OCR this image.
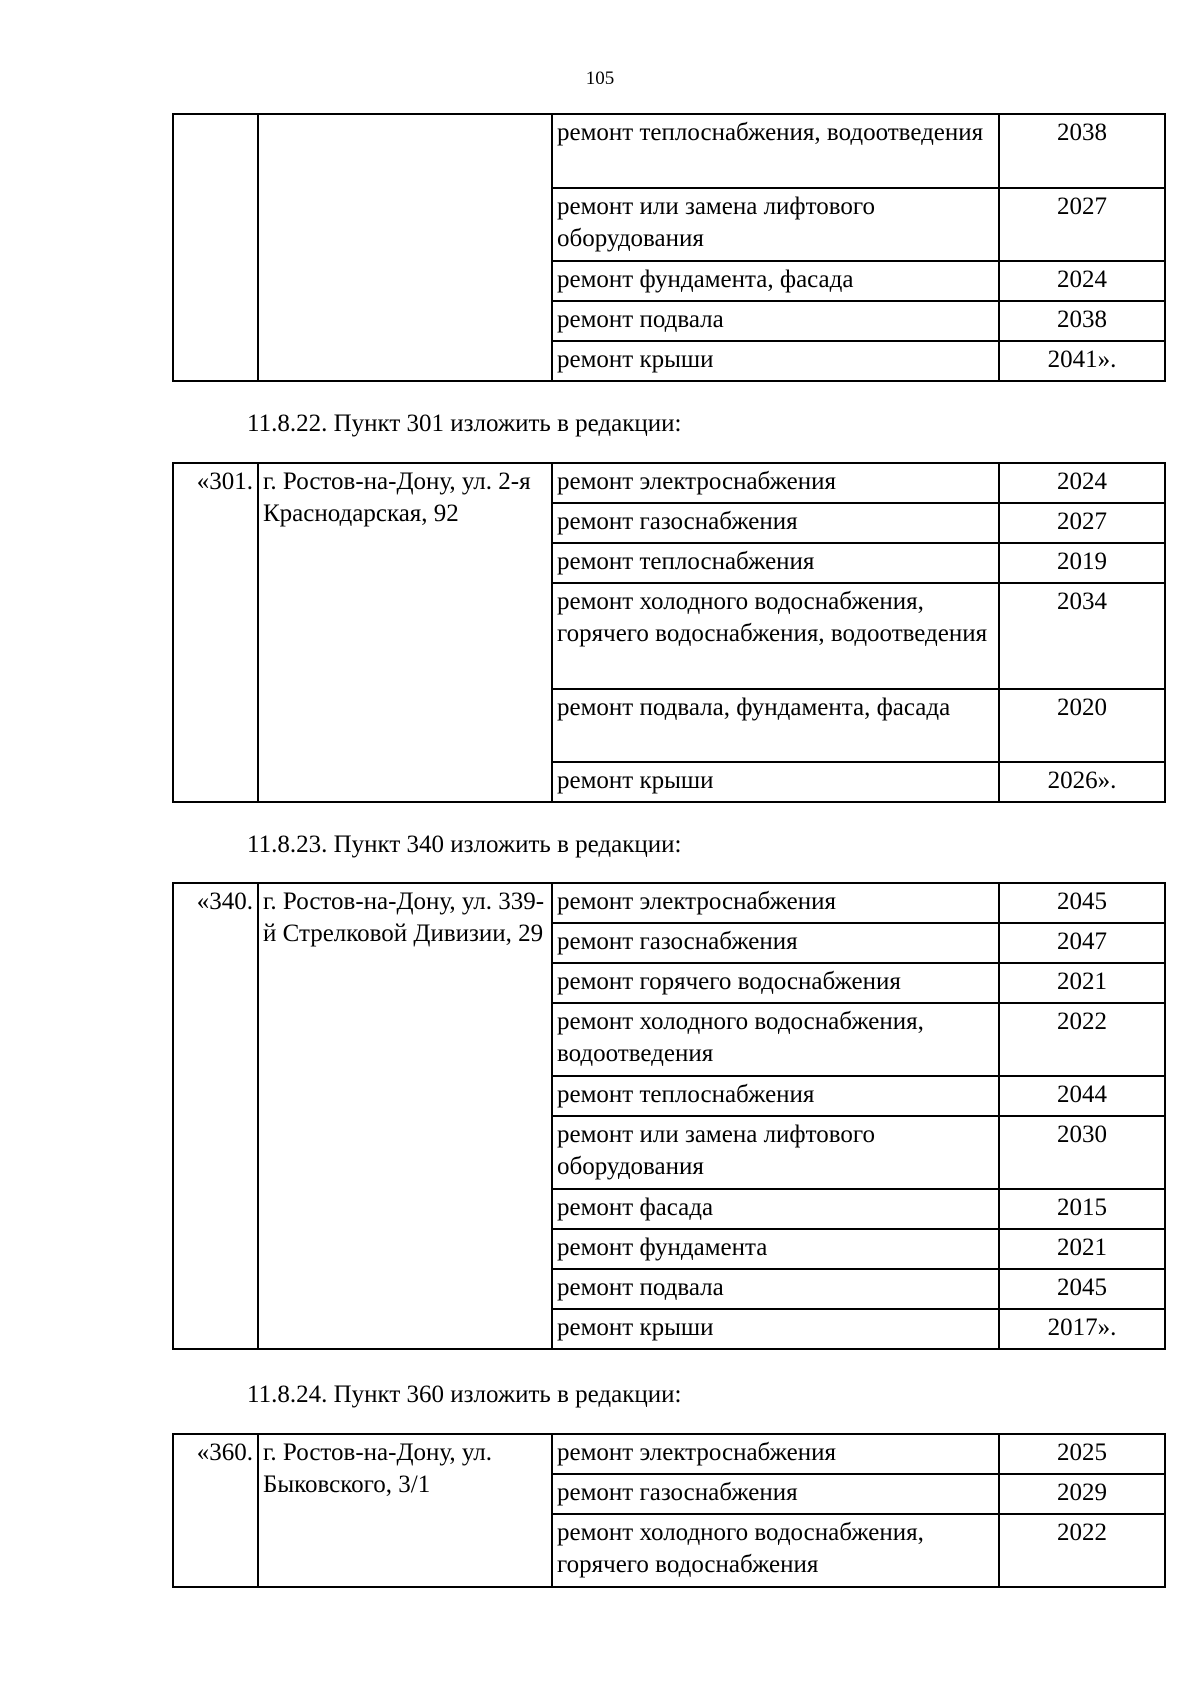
105
		ремонт теплоснабжения, водоотведения	2038
		ремонт или замена лифтового оборудования	2027
		ремонт фундамента, фасада	2024
		ремонт подвала	2038
		ремонт крыши	2041».
11.8.22. Пункт 301 изложить в редакции:
«301.	г. Ростов-на-Дону, ул. 2-я Краснодарская, 92	ремонт электроснабжения	2024
		ремонт газоснабжения	2027
		ремонт теплоснабжения	2019
		ремонт холодного водоснабжения, горячего водоснабжения, водоотведения	2034
		ремонт подвала, фундамента, фасада	2020
		ремонт крыши	2026».
11.8.23. Пункт 340 изложить в редакции:
«340.	г. Ростов-на-Дону, ул. 339-й Стрелковой Дивизии, 29	ремонт электроснабжения	2045
		ремонт газоснабжения	2047
		ремонт горячего водоснабжения	2021
		ремонт холодного водоснабжения, водоотведения	2022
		ремонт теплоснабжения	2044
		ремонт или замена лифтового оборудования	2030
		ремонт фасада	2015
		ремонт фундамента	2021
		ремонт подвала	2045
		ремонт крыши	2017».
11.8.24. Пункт 360 изложить в редакции:
«360.	г. Ростов-на-Дону, ул. Быковского, 3/1	ремонт электроснабжения	2025
		ремонт газоснабжения	2029
		ремонт холодного водоснабжения, горячего водоснабжения	2022
